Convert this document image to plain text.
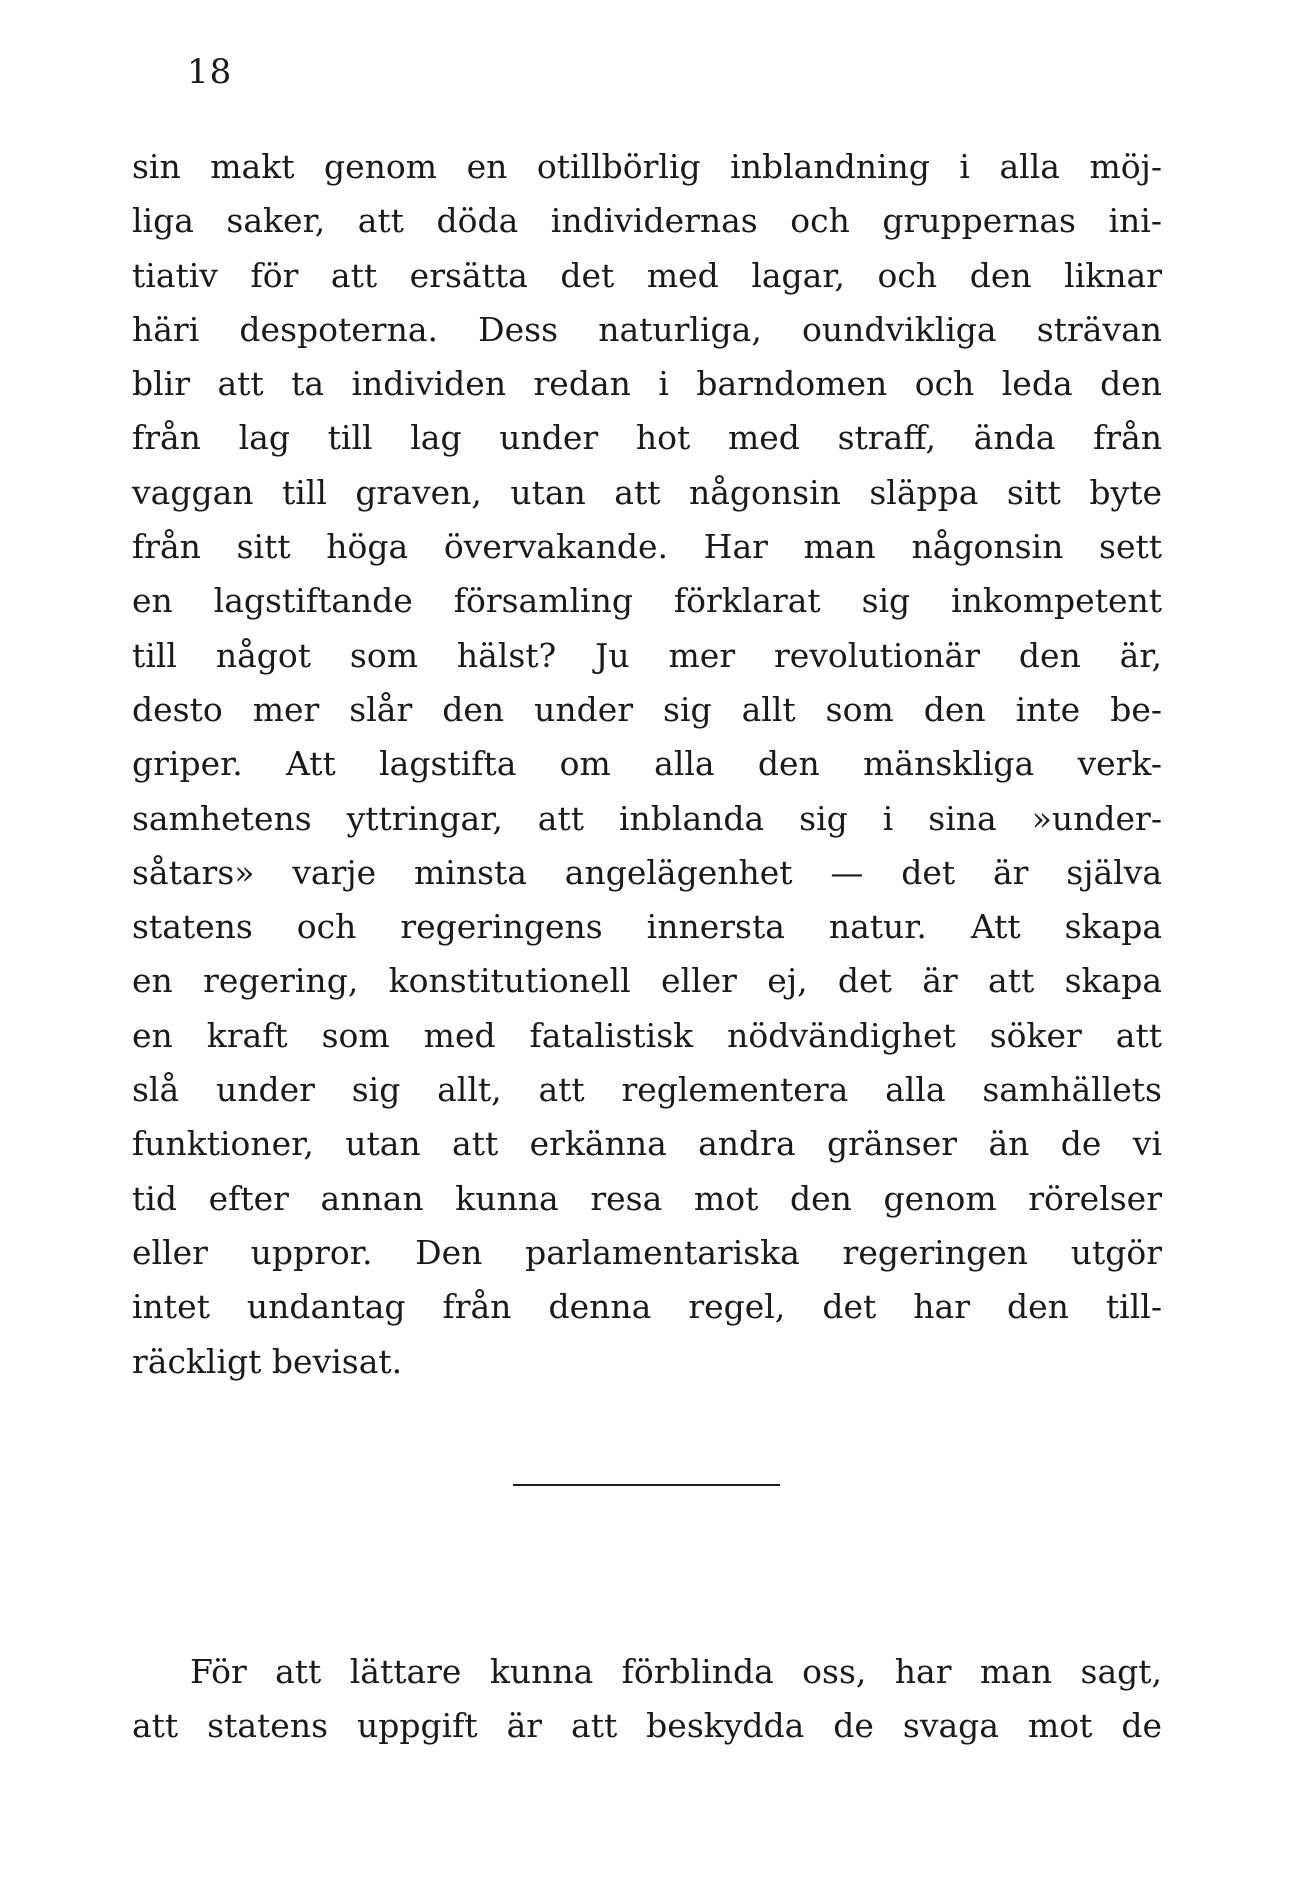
18
sin makt genom en otillbörlig inblandning i alla möj-
liga saker, att döda individernas och gruppernas ini-
tiativ för att ersätta det med lagar, och den liknar
häri despoterna. Dess naturliga, oundvikliga strävan
blir att ta individen redan i barndomen och leda den
från lag till lag under hot med straff, ända från
vaggan till graven, utan att någonsin släppa sitt byte
från sitt höga övervakande. Har man någonsin sett
en lagstiftande församling förklarat sig inkompetent
till något som hälst? Ju mer revolutionär den är,
desto mer slår den under sig allt som den inte be-
griper. Att lagstifta om alla den mänskliga verk-
samhetens yttringar, att inblanda sig i sina »under-
såtars» varje minsta angelägenhet — det är själva
statens och regeringens innersta natur. Att skapa
en regering, konstitutionell eller ej, det är att skapa
en kraft som med fatalistisk nödvändighet söker att
slå under sig allt, att reglementera alla samhällets
funktioner, utan att erkänna andra gränser än de vi
tid efter annan kunna resa mot den genom rörelser
eller uppror. Den parlamentariska regeringen utgör
intet undantag från denna regel, det har den till-
räckligt bevisat.
För att lättare kunna förblinda oss, har man sagt,
att statens uppgift är att beskydda de svaga mot de
